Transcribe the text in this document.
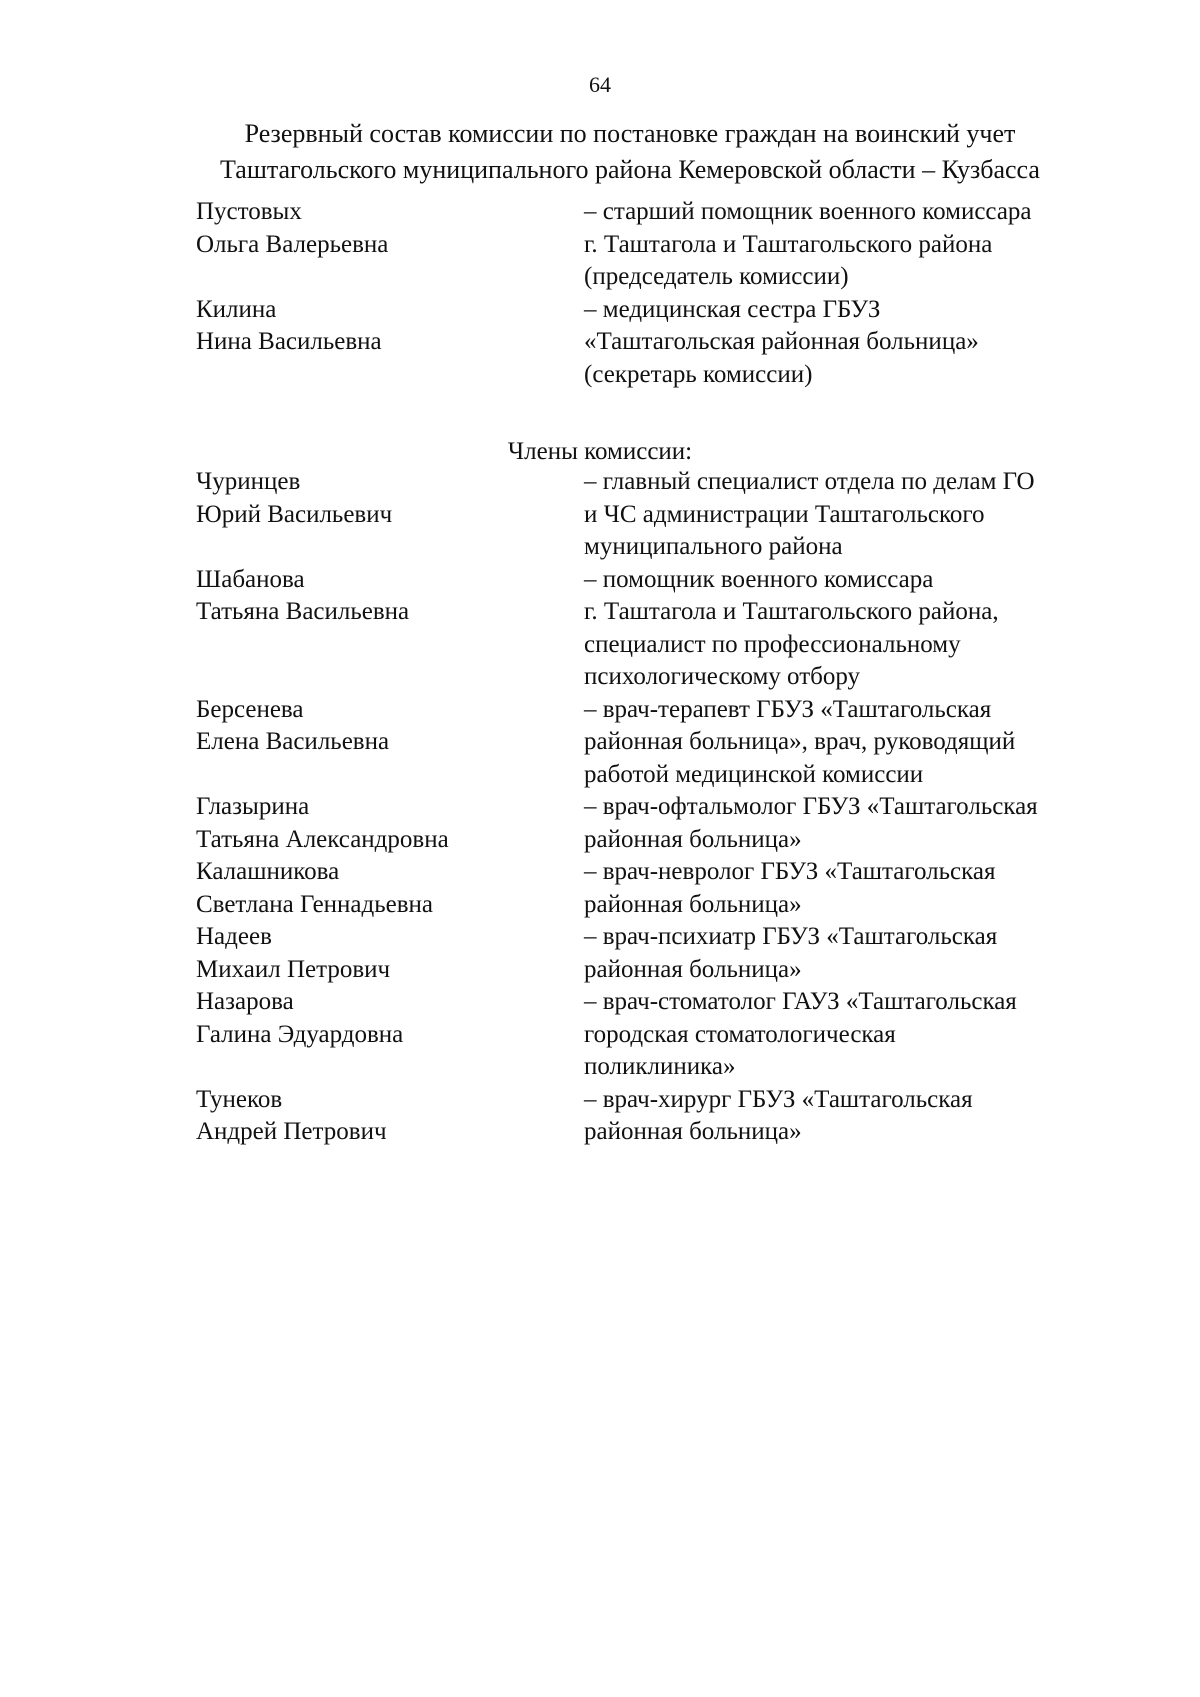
64
Резервный состав комиссии по постановке граждан на воинский учет
Таштагольского муниципального района Кемеровской области – Кузбасса
Пустовых
Ольга Валерьевна
– старший помощник военного комиссара
г. Таштагола и Таштагольского района
(председатель комиссии)
Килина
Нина Васильевна
– медицинская сестра ГБУЗ
«Таштагольская районная больница»
(секретарь комиссии)
Члены комиссии:
Чуринцев
Юрий Васильевич
– главный специалист отдела по делам ГО
и ЧС администрации Таштагольского
муниципального района
Шабанова
Татьяна Васильевна
– помощник военного комиссара
г. Таштагола и Таштагольского района,
специалист по профессиональному
психологическому отбору
Берсенева
Елена Васильевна
– врач-терапевт ГБУЗ «Таштагольская
районная больница», врач, руководящий
работой медицинской комиссии
Глазырина
Татьяна Александровна
– врач-офтальмолог ГБУЗ «Таштагольская
районная больница»
Калашникова
Светлана Геннадьевна
– врач-невролог ГБУЗ «Таштагольская
районная больница»
Надеев
Михаил Петрович
– врач-психиатр ГБУЗ «Таштагольская
районная больница»
Назарова
Галина Эдуардовна
– врач-стоматолог ГАУЗ «Таштагольская
городская стоматологическая
поликлиника»
Тунеков
Андрей Петрович
– врач-хирург ГБУЗ «Таштагольская
районная больница»
